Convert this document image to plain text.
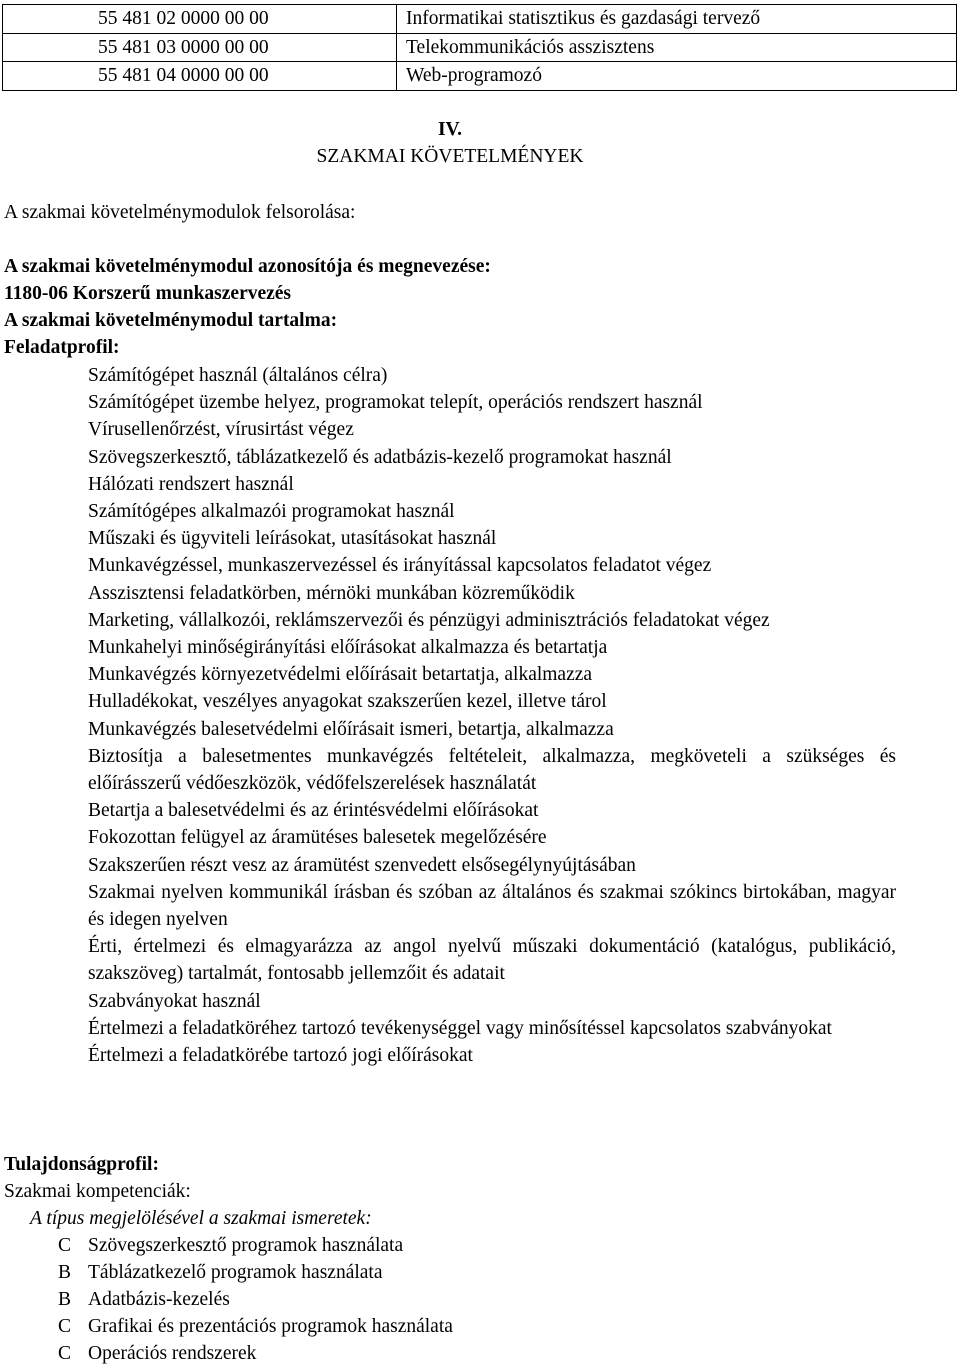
55 481 02 0000 00 00	Informatikai statisztikus és gazdasági tervező
55 481 03 0000 00 00	Telekommunikációs asszisztens
55 481 04 0000 00 00	Web-programozó
IV.
SZAKMAI KÖVETELMÉNYEK
A szakmai követelménymodulok felsorolása:
A szakmai követelménymodul azonosítója és megnevezése:
1180-06 Korszerű munkaszervezés
A szakmai követelménymodul tartalma:
Feladatprofil:
Számítógépet használ (általános célra)
Számítógépet üzembe helyez, programokat telepít, operációs rendszert használ
Vírusellenőrzést, vírusirtást végez
Szövegszerkesztő, táblázatkezelő és adatbázis-kezelő programokat használ
Hálózati rendszert használ
Számítógépes alkalmazói programokat használ
Műszaki és ügyviteli leírásokat, utasításokat használ
Munkavégzéssel, munkaszervezéssel és irányítással kapcsolatos feladatot végez
Asszisztensi feladatkörben, mérnöki munkában közreműködik
Marketing, vállalkozói, reklámszervezői és pénzügyi adminisztrációs feladatokat végez
Munkahelyi minőségirányítási előírásokat alkalmazza és betartatja
Munkavégzés környezetvédelmi előírásait betartatja, alkalmazza
Hulladékokat, veszélyes anyagokat szakszerűen kezel, illetve tárol
Munkavégzés balesetvédelmi előírásait ismeri, betartja, alkalmazza
Biztosítja a balesetmentes munkavégzés feltételeit, alkalmazza, megköveteli a szükséges és előírásszerű védőeszközök, védőfelszerelések használatát
Betartja a balesetvédelmi és az érintésvédelmi előírásokat
Fokozottan felügyel az áramütéses balesetek megelőzésére
Szakszerűen részt vesz az áramütést szenvedett elsősegélynyújtásában
Szakmai nyelven kommunikál írásban és szóban az általános és szakmai szókincs birtokában, magyar és idegen nyelven
Érti, értelmezi és elmagyarázza az angol nyelvű műszaki dokumentáció (katalógus, publikáció, szakszöveg) tartalmát, fontosabb jellemzőit és adatait
Szabványokat használ
Értelmezi a feladatköréhez tartozó tevékenységgel vagy minősítéssel kapcsolatos szabványokat
Értelmezi a feladatkörébe tartozó jogi előírásokat
Tulajdonságprofil:
Szakmai kompetenciák:
A típus megjelölésével a szakmai ismeretek:
C Szövegszerkesztő programok használata
B Táblázatkezelő programok használata
B Adatbázis-kezelés
C Grafikai és prezentációs programok használata
C Operációs rendszerek
